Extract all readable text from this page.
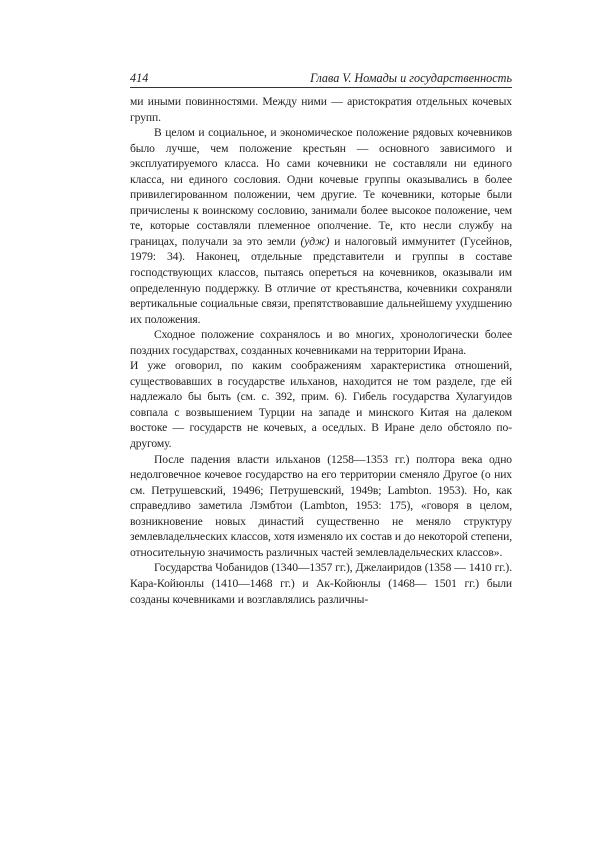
414	Глава V. Номады и государственность

ми иными повинностями. Между ними — аристократия отдельных кочевых групп.

В целом и социальное, и экономическое положение рядовых кочевников было лучше, чем положение крестьян — основного зависимого и эксплуатируемого класса. Но сами кочевники не составляли ни единого класса, ни единого сословия. Одни кочевые группы оказывались в более привилегированном положении, чем другие. Те кочевники, которые были причислены к воинскому сословию, занимали более высокое положение, чем те, которые составляли племенное ополчение. Те, кто несли службу на границах, получали за это земли (удж) и налоговый иммунитет (Гусейнов, 1979: 34). Наконец, отдельные представители и группы в составе господствующих классов, пытаясь опереться на кочевников, оказывали им определенную поддержку. В отличие от крестьянства, кочевники сохраняли вертикальные социальные связи, препятствовавшие дальнейшему ухудшению их положения.

Сходное положение сохранялось и во многих, хронологически более поздних государствах, созданных кочевниками на территории Ирана.

И уже оговорил, по каким соображениям характеристика отношений, существовавших в государстве ильханов, находится не том разделе, где ей надлежало бы быть (см. с. 392, прим. 6). Гибель государства Хулагуидов совпала с возвышением Турции на западе и минского Китая на далеком востоке — государств не кочевых, а оседлых. В Иране дело обстояло по-другому.

После падения власти ильханов (1258—1353 гг.) полтора века одно недолговечное кочевое государство на его территории сменяло Другое (о них см. Петрушевский, 19496; Петрушевский, 1949в; Lambton. 1953). Но, как справедливо заметила Лэмбтои (Lambton, 1953: 175), «говоря в целом, возникновение новых династий существенно не меняло структуру землевладельческих классов, хотя изменяло их состав и до некоторой степени, относительную значимость различных частей землевладельческих классов».

Государства Чобанидов (1340—1357 гг.), Джелаиридов (1358 — 1410 гг.). Кара-Койюнлы (1410—1468 гг.) и Ак-Койюнлы (1468— 1501 гг.) были созданы кочевниками и возглавлялись различны-
